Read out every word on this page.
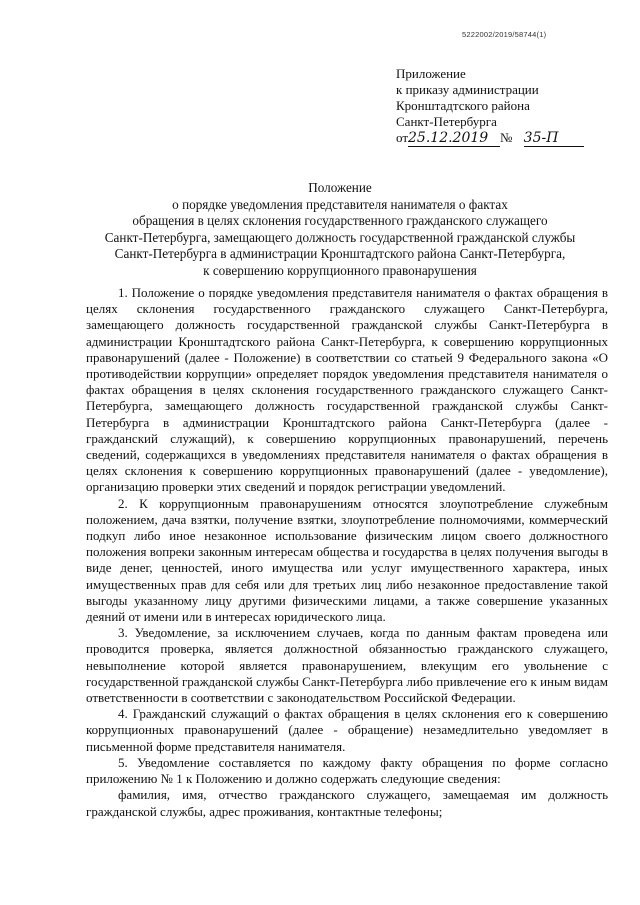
5222002/2019/58744(1)
Приложение
к приказу администрации
Кронштадтского района
Санкт-Петербурга
от25.12.2019 № 35-П
Положение
о порядке уведомления представителя нанимателя о фактах
обращения в целях склонения государственного гражданского служащего
Санкт-Петербурга, замещающего должность государственной гражданской службы
Санкт-Петербурга в администрации Кронштадтского района Санкт-Петербурга,
к совершению коррупционного правонарушения

1. Положение о порядке уведомления представителя нанимателя о фактах обращения в целях склонения государственного гражданского служащего Санкт-Петербурга, замещающего должность государственной гражданской службы Санкт-Петербурга в администрации Кронштадтского района Санкт-Петербурга, к совершению коррупционных правонарушений (далее - Положение) в соответствии со статьей 9 Федерального закона «О противодействии коррупции» определяет порядок уведомления представителя нанимателя о фактах обращения в целях склонения государственного гражданского служащего Санкт-Петербурга, замещающего должность государственной гражданской службы Санкт-Петербурга в администрации Кронштадтского района Санкт-Петербурга (далее - гражданский служащий), к совершению коррупционных правонарушений, перечень сведений, содержащихся в уведомлениях представителя нанимателя о фактах обращения в целях склонения к совершению коррупционных правонарушений (далее - уведомление), организацию проверки этих сведений и порядок регистрации уведомлений.

2. К коррупционным правонарушениям относятся злоупотребление служебным положением, дача взятки, получение взятки, злоупотребление полномочиями, коммерческий подкуп либо иное незаконное использование физическим лицом своего должностного положения вопреки законным интересам общества и государства в целях получения выгоды в виде денег, ценностей, иного имущества или услуг имущественного характера, иных имущественных прав для себя или для третьих лиц либо незаконное предоставление такой выгоды указанному лицу другими физическими лицами, а также совершение указанных деяний от имени или в интересах юридического лица.

3. Уведомление, за исключением случаев, когда по данным фактам проведена или проводится проверка, является должностной обязанностью гражданского служащего, невыполнение которой является правонарушением, влекущим его увольнение с государственной гражданской службы Санкт-Петербурга либо привлечение его к иным видам ответственности в соответствии с законодательством Российской Федерации.

4. Гражданский служащий о фактах обращения в целях склонения его к совершению коррупционных правонарушений (далее - обращение) незамедлительно уведомляет в письменной форме представителя нанимателя.

5. Уведомление составляется по каждому факту обращения по форме согласно приложению № 1 к Положению и должно содержать следующие сведения:

фамилия, имя, отчество гражданского служащего, замещаемая им должность гражданской службы, адрес проживания, контактные телефоны;
